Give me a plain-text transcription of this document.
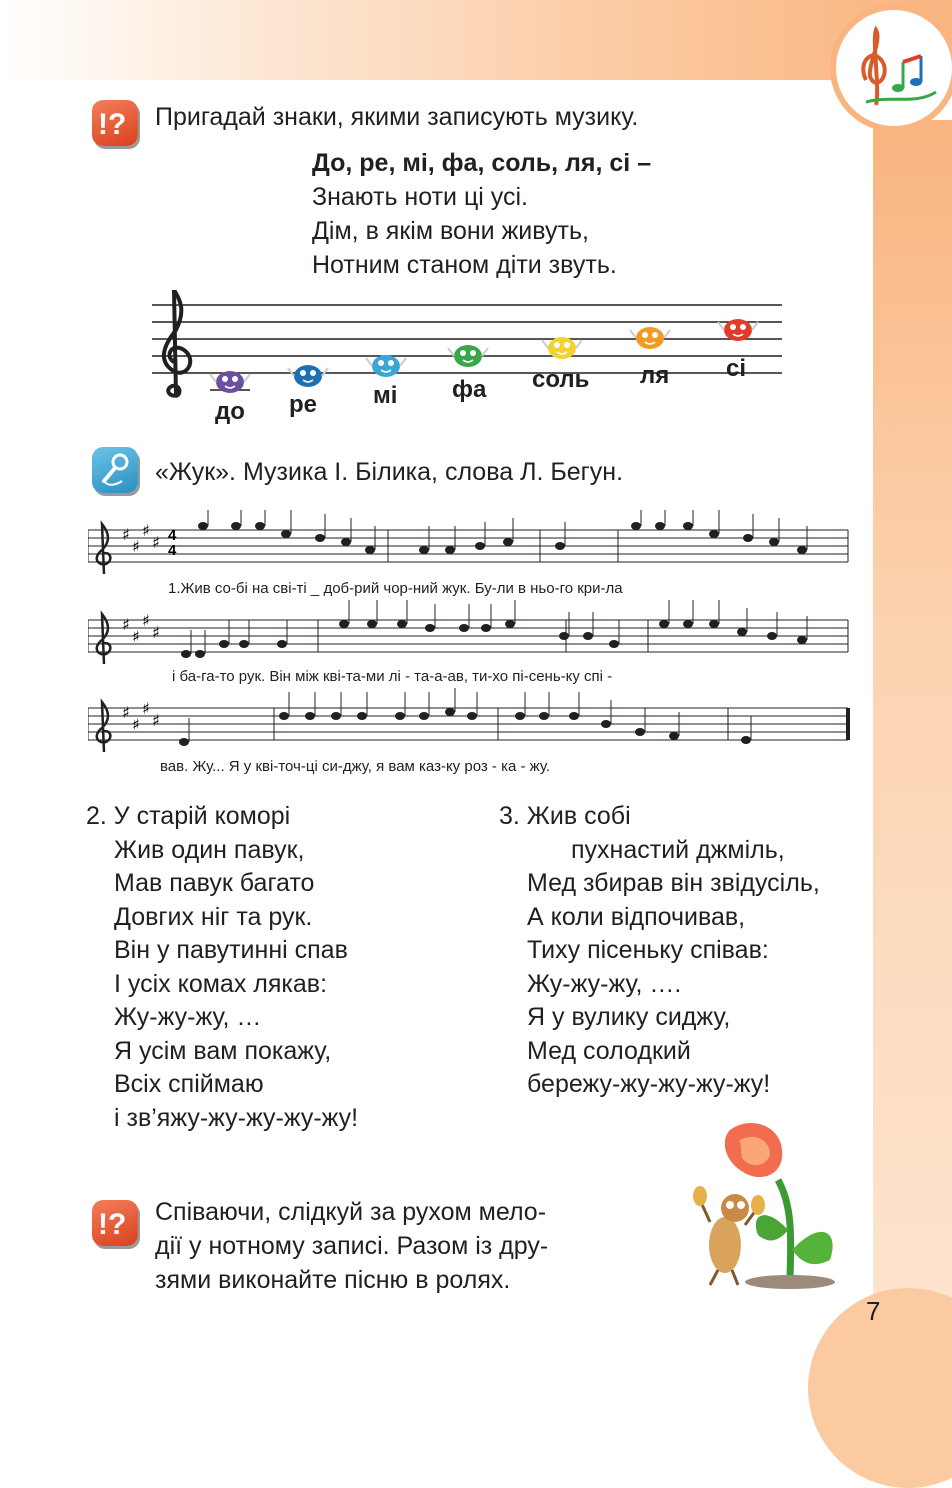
!? Пригадай знаки, якими записують музику.
До, ре, мі, фа, соль, ля, сі –
Знають ноти ці усі.
Дім, в якім вони живуть,
Нотним станом діти звуть.
до ре мі фа соль ля сі
«Жук». Музика І. Білика, слова Л. Бегун.
♯
♯
♯
♯
♯
♯
♯
♯
♯
♯
♯
♯
4
4
1.Жив со-бі на сві-ті _ доб-рий чор-ний жук. Бу-ли в ньо-го кри-ла
і ба-га-то рук. Він між кві-та-ми лі - та-а-ав, ти-хо пі-сень-ку спі -
вав. Жу... Я у кві-точ-ці си-джу, я вам каз-ку роз - ка - жу.
2. У старій коморі
Жив один павук,
Мав павук багато
Довгих ніг та рук.
Він у павутинні спав
І усіх комах лякав:
Жу-жу-жу, …
Я усім вам покажу,
Всіх спіймаю
і зв’яжу-жу-жу-жу-жу!
3. Жив собі
пухнастий джміль,
Мед збирав він звідусіль,
А коли відпочивав,
Тиху пісеньку співав:
Жу-жу-жу, ….
Я у вулику сиджу,
Мед солодкий
бережу-жу-жу-жу-жу!
!? Співаючи, слідкуй за рухом мело-
дії у нотному записі. Разом із дру-
зями виконайте пісню в ролях.
7
